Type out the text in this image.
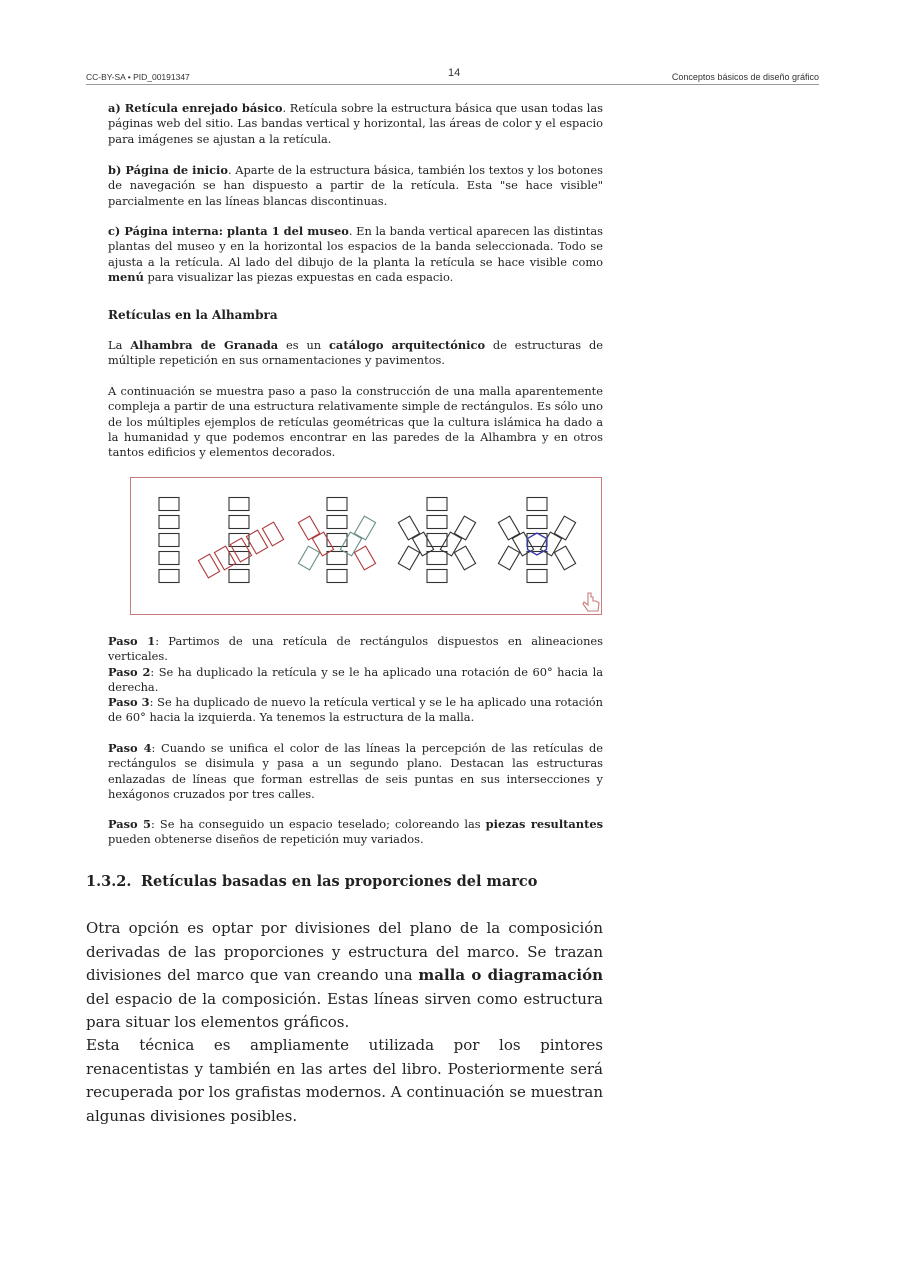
CC-BY-SA • PID_00191347	14	Conceptos básicos de diseño gráfico

a) Retícula enrejado básico. Retícula sobre la estructura básica que usan todas las páginas web del sitio. Las bandas vertical y horizontal, las áreas de color y el espacio para imágenes se ajustan a la retícula.

b) Página de inicio. Aparte de la estructura básica, también los textos y los botones de navegación se han dispuesto a partir de la retícula. Esta "se hace visible" parcialmente en las líneas blancas discontinuas.

c) Página interna: planta 1 del museo. En la banda vertical aparecen las distintas plantas del museo y en la horizontal los espacios de la banda seleccionada. Todo se ajusta a la retícula. Al lado del dibujo de la planta la retícula se hace visible como menú para visualizar las piezas expuestas en cada espacio.

Retículas en la Alhambra

La Alhambra de Granada es un catálogo arquitectónico de estructuras de múltiple repetición en sus ornamentaciones y pavimentos.

A continuación se muestra paso a paso la construcción de una malla aparentemente compleja a partir de una estructura relativamente simple de rectángulos. Es sólo uno de los múltiples ejemplos de retículas geométricas que la cultura islámica ha dado a la humanidad y que podemos encontrar en las paredes de la Alhambra y en otros tantos edificios y elementos decorados.

Paso 1: Partimos de una retícula de rectángulos dispuestos en alineaciones verticales.

Paso 2: Se ha duplicado la retícula y se le ha aplicado una rotación de 60° hacia la derecha.

Paso 3: Se ha duplicado de nuevo la retícula vertical y se le ha aplicado una rotación de 60° hacia la izquierda. Ya tenemos la estructura de la malla.

Paso 4: Cuando se unifica el color de las líneas la percepción de las retículas de rectángulos se disimula y pasa a un segundo plano. Destacan las estructuras enlazadas de líneas que forman estrellas de seis puntas en sus intersecciones y hexágonos cruzados por tres calles.

Paso 5: Se ha conseguido un espacio teselado; coloreando las piezas resultantes pueden obtenerse diseños de repetición muy variados.

1.3.2. Retículas basadas en las proporciones del marco

Otra opción es optar por divisiones del plano de la composición derivadas de las proporciones y estructura del marco. Se trazan divisiones del marco que van creando una malla o diagramación del espacio de la composición. Estas líneas sirven como estructura para situar los elementos gráficos.

Esta técnica es ampliamente utilizada por los pintores renacentistas y también en las artes del libro. Posteriormente será recuperada por los grafistas modernos. A continuación se muestran algunas divisiones posibles.
